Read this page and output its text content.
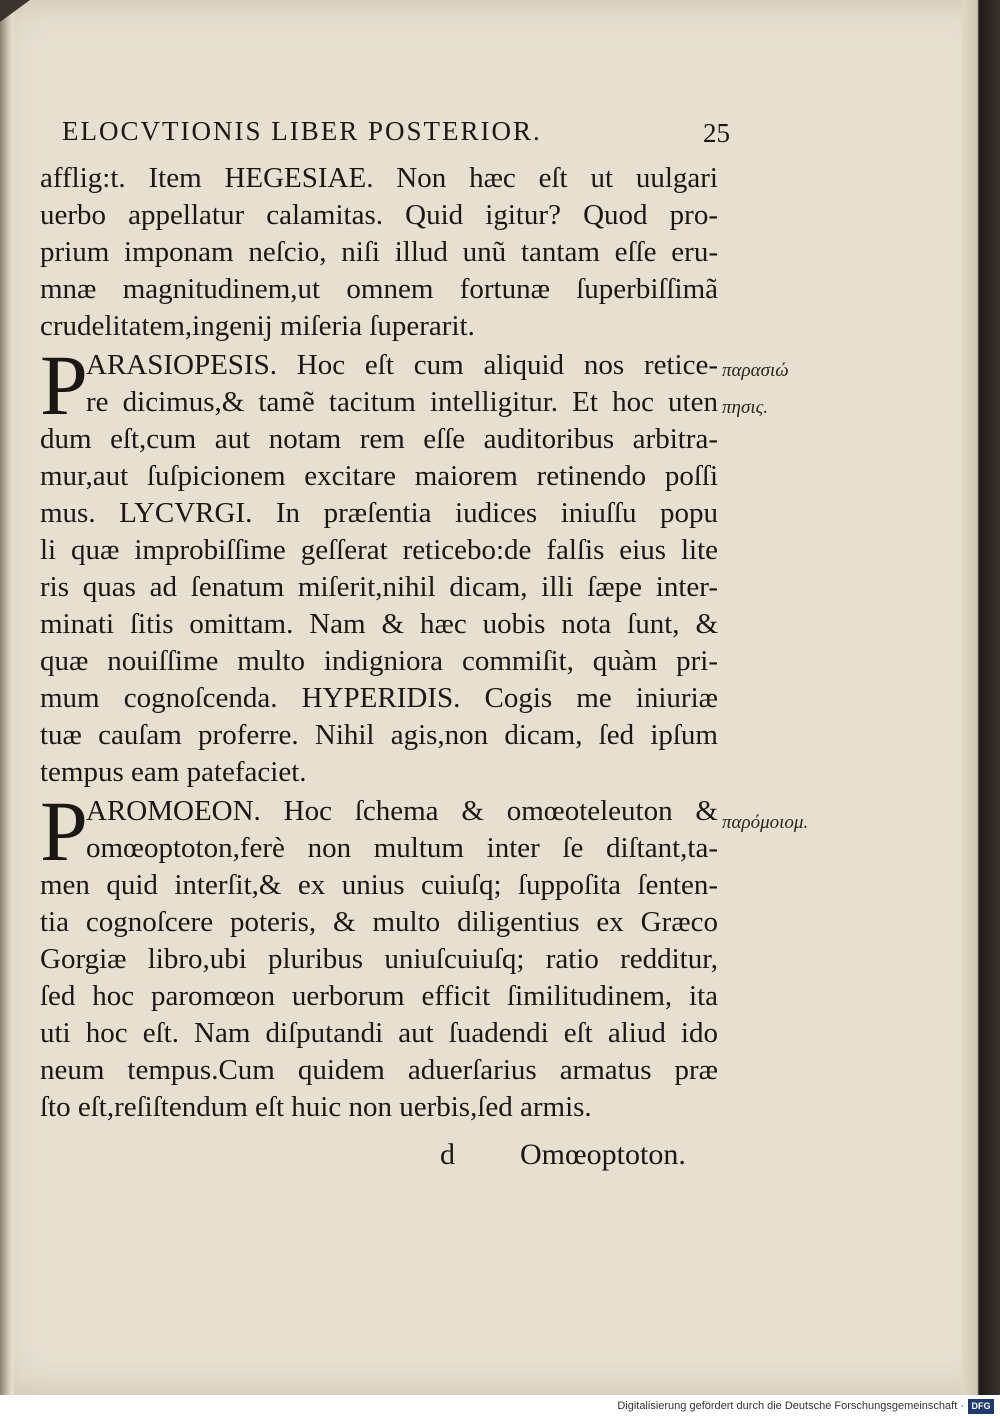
ELOCVTIONIS LIBER POSTERIOR.	25
afflig:t. Item HEGESIAE. Non hæc eſt ut uulgari
uerbo appellatur calamitas. Quid igitur? Quod pro-
prium imponam neſcio, niſi illud unũ tantam eſſe eru-
mnæ magnitudinem,ut omnem fortunæ ſuperbiſſimã
crudelitatem,ingenij miſeria ſuperarit.
P
ARASIOPESIS. Hoc eſt cum aliquid nos retice-
re dicimus,& tamẽ tacitum intelligitur. Et hoc uten
dum eſt,cum aut notam rem eſſe auditoribus arbitra-
mur,aut ſuſpicionem excitare maiorem retinendo poſſi
mus. LYCVRGI. In præſentia iudices iniuſſu popu
li quæ improbiſſime geſſerat reticebo:de falſis eius lite
ris quas ad ſenatum miſerit,nihil dicam, illi ſæpe inter-
minati ſitis omittam. Nam & hæc uobis nota ſunt, &
quæ nouiſſime multo indigniora commiſit, quàm pri-
mum cognoſcenda. HYPERIDIS. Cogis me iniuriæ
tuæ cauſam proferre. Nihil agis,non dicam, ſed ipſum
tempus eam patefaciet.
P
AROMOEON. Hoc ſchema & omœoteleuton &
omœoptoton,ferè non multum inter ſe diſtant,ta-
men quid interſit,& ex unius cuiuſq; ſuppoſita ſenten-
tia cognoſcere poteris, & multo diligentius ex Græco
Gorgiæ libro,ubi pluribus uniuſcuiuſq; ratio redditur,
ſed hoc paromœon uerborum efficit ſimilitudinem, ita
uti hoc eſt. Nam diſputandi aut ſuadendi eſt aliud ido
neum tempus.Cum quidem aduerſarius armatus præ
ſto eſt,reſiſtendum eſt huic non uerbis,ſed armis.
παρασιώ
πησις.
παρόμοιομ.
d Omœoptoton.
Digitalisierung gefördert durch die Deutsche Forschungsgemeinschaft · DFG
